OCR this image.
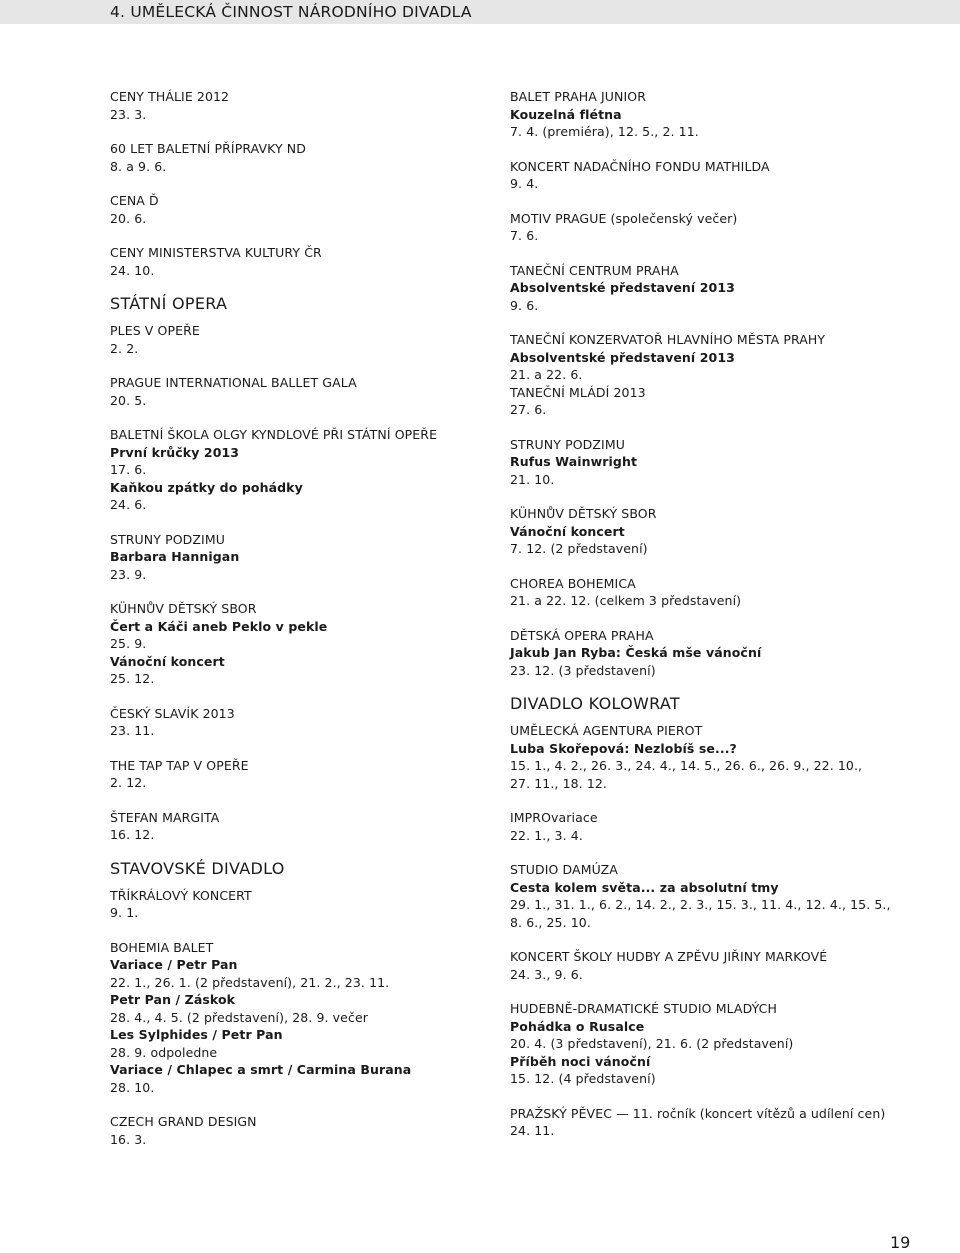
4. UMĚLECKÁ ČINNOST NÁRODNÍHO DIVADLA
CENY THÁLIE 2012
23. 3.
60 LET BALETNÍ PŘÍPRAVKY ND
8. a 9. 6.
CENA Ď
20. 6.
CENY MINISTERSTVA KULTURY ČR
24. 10.
STÁTNÍ OPERA
PLES V OPEŘE
2. 2.
PRAGUE INTERNATIONAL BALLET GALA
20. 5.
BALETNÍ ŠKOLA OLGY KYNDLOVÉ PŘI STÁTNÍ OPEŘE
První krůčky 2013
17. 6.
Kaňkou zpátky do pohádky
24. 6.
STRUNY PODZIMU
Barbara Hannigan
23. 9.
KÜHNŮV DĚTSKÝ SBOR
Čert a Káči aneb Peklo v pekle
25. 9.
Vánoční koncert
25. 12.
ČESKÝ SLAVÍK 2013
23. 11.
THE TAP TAP V OPEŘE
2. 12.
ŠTEFAN MARGITA
16. 12.
STAVOVSKÉ DIVADLO
TŘÍKRÁLOVÝ KONCERT
9. 1.
BOHEMIA BALET
Variace / Petr Pan
22. 1., 26. 1. (2 představení), 21. 2., 23. 11.
Petr Pan / Záskok
28. 4., 4. 5. (2 představení), 28. 9. večer
Les Sylphides / Petr Pan
28. 9. odpoledne
Variace / Chlapec a smrt / Carmina Burana
28. 10.
CZECH GRAND DESIGN
16. 3.
BALET PRAHA JUNIOR
Kouzelná flétna
7. 4. (premiéra), 12. 5., 2. 11.
KONCERT NADAČNÍHO FONDU MATHILDA
9. 4.
MOTIV PRAGUE (společenský večer)
7. 6.
TANEČNÍ CENTRUM PRAHA
Absolventské představení 2013
9. 6.
TANEČNÍ KONZERVATOŘ HLAVNÍHO MĚSTA PRAHY
Absolventské představení 2013
21. a 22. 6.
TANEČNÍ MLÁDÍ 2013
27. 6.
STRUNY PODZIMU
Rufus Wainwright
21. 10.
KÜHNŮV DĚTSKÝ SBOR
Vánoční koncert
7. 12. (2 představení)
CHOREA BOHEMICA
21. a 22. 12. (celkem 3 představení)
DĚTSKÁ OPERA PRAHA
Jakub Jan Ryba: Česká mše vánoční
23. 12. (3 představení)
DIVADLO KOLOWRAT
UMĚLECKÁ AGENTURA PIEROT
Luba Skořepová: Nezlobíš se...?
15. 1., 4. 2., 26. 3., 24. 4., 14. 5., 26. 6., 26. 9., 22. 10.,
27. 11., 18. 12.
IMPROvariace
22. 1., 3. 4.
STUDIO DAMÚZA
Cesta kolem světa... za absolutní tmy
29. 1., 31. 1., 6. 2., 14. 2., 2. 3., 15. 3., 11. 4., 12. 4., 15. 5.,
8. 6., 25. 10.
KONCERT ŠKOLY HUDBY A ZPĚVU JIŘINY MARKOVÉ
24. 3., 9. 6.
HUDEBNĚ-DRAMATICKÉ STUDIO MLADÝCH
Pohádka o Rusalce
20. 4. (3 představení), 21. 6. (2 představení)
Příběh noci vánoční
15. 12. (4 představení)
PRAŽSKÝ PĚVEC — 11. ročník (koncert vítězů a udílení cen)
24. 11.
19
